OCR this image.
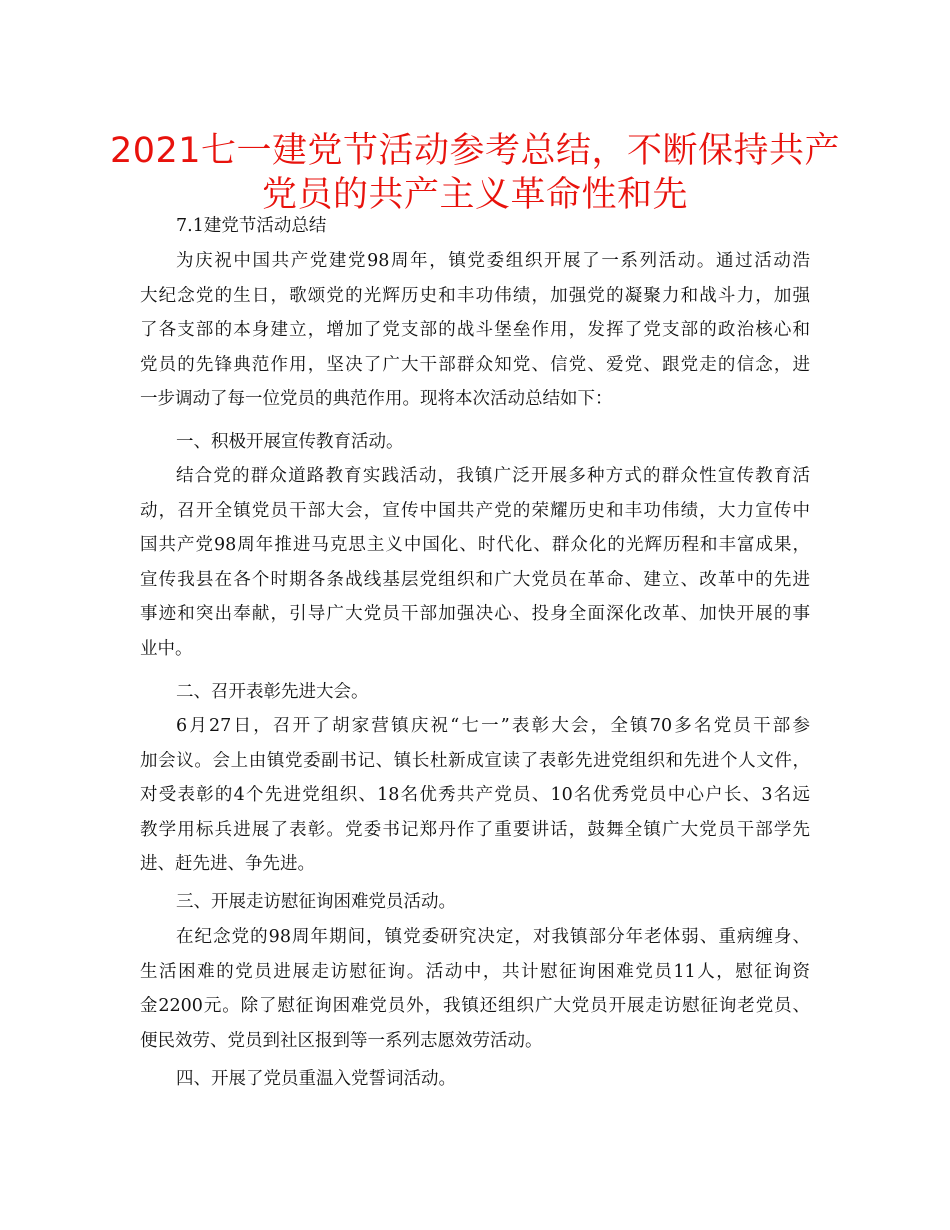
2021七一建党节活动参考总结，不断保持共产
党员的共产主义革命性和先
7.1建党节活动总结
为庆祝中国共产党建党98周年，镇党委组织开展了一系列活动。通过活动浩
大纪念党的生日，歌颂党的光辉历史和丰功伟绩，加强党的凝聚力和战斗力，加强
了各支部的本身建立，增加了党支部的战斗堡垒作用，发挥了党支部的政治核心和
党员的先锋典范作用，坚决了广大干部群众知党、信党、爱党、跟党走的信念，进
一步调动了每一位党员的典范作用。现将本次活动总结如下：
一、积极开展宣传教育活动。
结合党的群众道路教育实践活动，我镇广泛开展多种方式的群众性宣传教育活
动，召开全镇党员干部大会，宣传中国共产党的荣耀历史和丰功伟绩，大力宣传中
国共产党98周年推进马克思主义中国化、时代化、群众化的光辉历程和丰富成果，
宣传我县在各个时期各条战线基层党组织和广大党员在革命、建立、改革中的先进
事迹和突出奉献，引导广大党员干部加强决心、投身全面深化改革、加快开展的事
业中。
二、召开表彰先进大会。
6月27日，召开了胡家营镇庆祝“七一”表彰大会，全镇70多名党员干部参
加会议。会上由镇党委副书记、镇长杜新成宣读了表彰先进党组织和先进个人文件，
对受表彰的4个先进党组织、18名优秀共产党员、10名优秀党员中心户长、3名远
教学用标兵进展了表彰。党委书记郑丹作了重要讲话，鼓舞全镇广大党员干部学先
进、赶先进、争先进。
三、开展走访慰征询困难党员活动。
在纪念党的98周年期间，镇党委研究决定，对我镇部分年老体弱、重病缠身、
生活困难的党员进展走访慰征询。活动中，共计慰征询困难党员11人，慰征询资
金2200元。除了慰征询困难党员外，我镇还组织广大党员开展走访慰征询老党员、
便民效劳、党员到社区报到等一系列志愿效劳活动。
四、开展了党员重温入党誓词活动。
